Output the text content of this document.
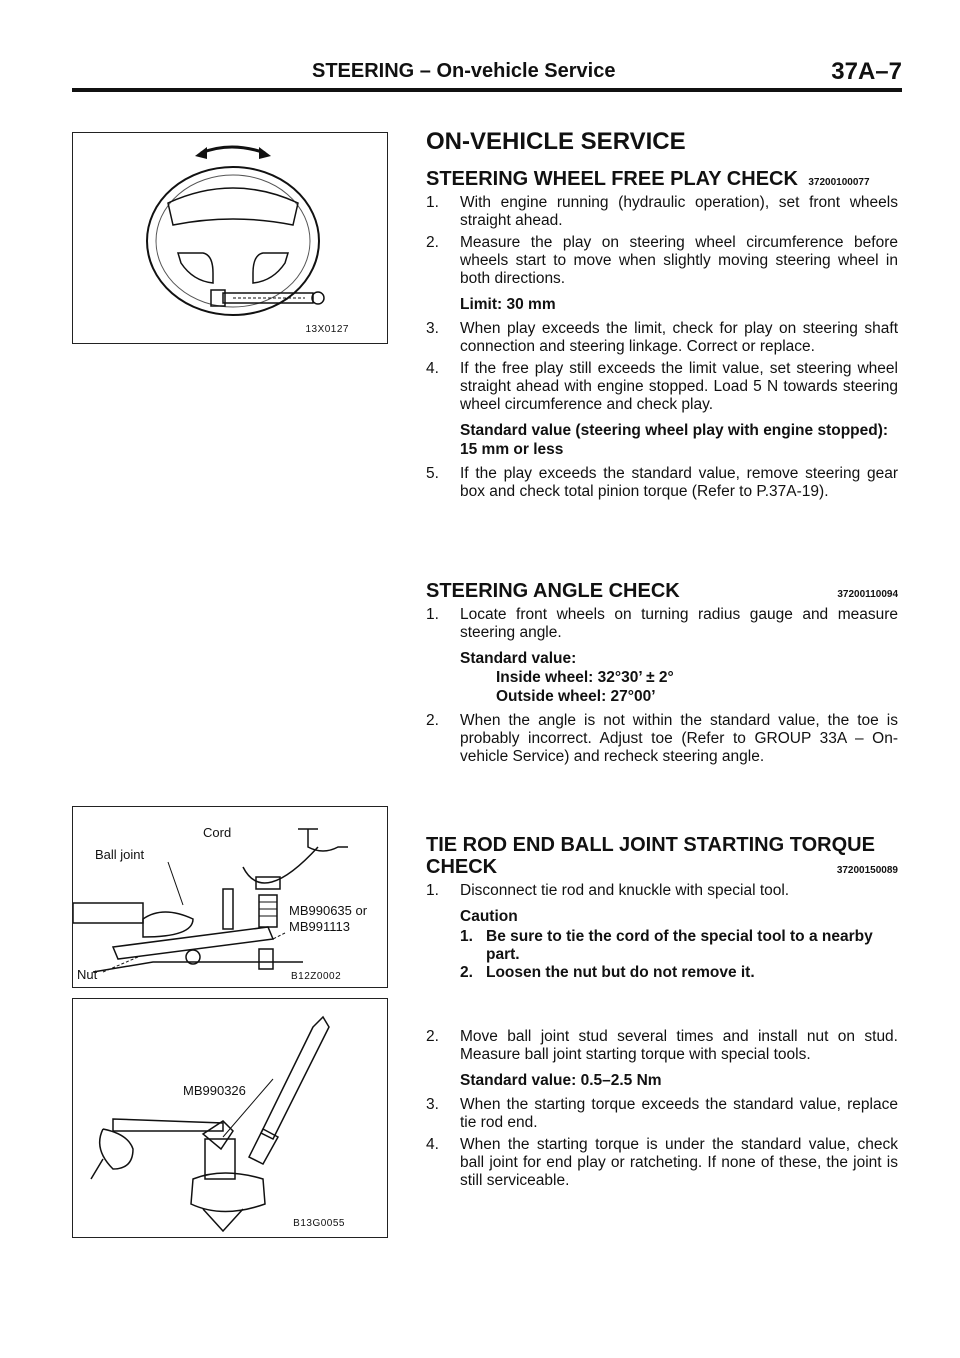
STEERING – On-vehicle Service	37A–7
13X0127
Cord
Ball joint
MB990635 or
MB991113
Nut	B12Z0002
MB990326
B13G0055
ON-VEHICLE SERVICE
STEERING WHEEL FREE PLAY CHECK 37200100077
1. With engine running (hydraulic operation), set front wheels straight ahead.
2. Measure the play on steering wheel circumference before wheels start to move when slightly moving steering wheel in both directions.
Limit: 30 mm
3. When play exceeds the limit, check for play on steering shaft connection and steering linkage. Correct or replace.
4. If the free play still exceeds the limit value, set steering wheel straight ahead with engine stopped. Load 5 N towards steering wheel circumference and check play.
Standard value (steering wheel play with engine stopped): 15 mm or less
5. If the play exceeds the standard value, remove steering gear box and check total pinion torque (Refer to P.37A-19).
STEERING ANGLE CHECK	37200110094
1. Locate front wheels on turning radius gauge and measure steering angle.
Standard value:
Inside wheel: 32°30’ ± 2°
Outside wheel: 27°00’
2. When the angle is not within the standard value, the toe is probably incorrect. Adjust toe (Refer to GROUP 33A – On-vehicle Service) and recheck steering angle.
TIE ROD END BALL JOINT STARTING TORQUE
CHECK	37200150089
1. Disconnect tie rod and knuckle with special tool.
Caution
1. Be sure to tie the cord of the special tool to a nearby part.
2. Loosen the nut but do not remove it.
2. Move ball joint stud several times and install nut on stud. Measure ball joint starting torque with special tools.
Standard value: 0.5–2.5 Nm
3. When the starting torque exceeds the standard value, replace tie rod end.
4. When the starting torque is under the standard value, check ball joint for end play or ratcheting. If none of these, the joint is still serviceable.
